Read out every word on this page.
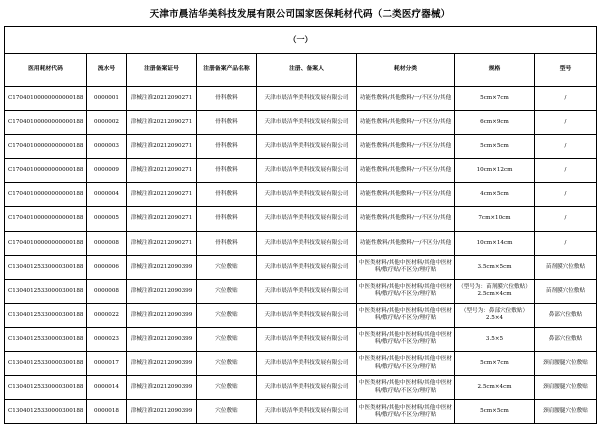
天津市晨洁华美科技发展有限公司国家医保耗材代码（二类医疗器械）
（一）							
医用耗材代码	流水号	注册备案证号	注册备案产品名称	注册、备案人	耗材分类	规格	型号
C17040100000000000188	0000001	津械注准20212090271	骨科敷料	天津市晨洁华美科技发展有限公司	功能性敷料/其他敷料/一/不区分/其他	5cm×7cm	/
C17040100000000000188	0000002	津械注准20212090271	骨科敷料	天津市晨洁华美科技发展有限公司	功能性敷料/其他敷料/一/不区分/其他	6cm×9cm	/
C17040100000000000188	0000003	津械注准20212090271	骨科敷料	天津市晨洁华美科技发展有限公司	功能性敷料/其他敷料/一/不区分/其他	5cm×5cm	/
C17040100000000000188	0000009	津械注准20212090271	骨科敷料	天津市晨洁华美科技发展有限公司	功能性敷料/其他敷料/一/不区分/其他	10cm×12cm	/
C17040100000000000188	0000004	津械注准20212090271	骨科敷料	天津市晨洁华美科技发展有限公司	功能性敷料/其他敷料/一/不区分/其他	4cm×5cm	/
C17040100000000000188	0000005	津械注准20212090271	骨科敷料	天津市晨洁华美科技发展有限公司	功能性敷料/其他敷料/一/不区分/其他	7cm×10cm	/
C17040100000000000188	0000008	津械注准20212090271	骨科敷料	天津市晨洁华美科技发展有限公司	功能性敷料/其他敷料/一/不区分/其他	10cm×14cm	/
C13040125330000300188	0000006	津械注准20212090399	穴位敷贴	天津市晨洁华美科技发展有限公司	中医类材料/其他中医材料/其他中医材料/敷疗贴/不区分/理疗贴	3.5cm×5cm	苗剂膜穴位敷贴
C13040125330000300188	0000008	津械注准20212090399	穴位敷贴	天津市晨洁华美科技发展有限公司	中医类材料/其他中医材料/其他中医材料/敷疗贴/不区分/理疗贴	（型号为：苗剂膜穴位敷贴）2.5cm×4cm	苗剂膜穴位敷贴
C13040125330000300188	0000022	津械注准20212090399	穴位敷贴	天津市晨洁华美科技发展有限公司	中医类材料/其他中医材料/其他中医材料/敷疗贴/不区分/理疗贴	（型号为：鼻部穴位敷贴）2.5×4	鼻部穴位敷贴
C13040125330000300188	0000023	津械注准20212090399	穴位敷贴	天津市晨洁华美科技发展有限公司	中医类材料/其他中医材料/其他中医材料/敷疗贴/不区分/理疗贴	3.5×5	鼻部穴位敷贴
C13040125330000300188	0000017	津械注准20212090399	穴位敷贴	天津市晨洁华美科技发展有限公司	中医类材料/其他中医材料/其他中医材料/敷疗贴/不区分/理疗贴	5cm×7cm	颈肩腰腿穴位敷贴
C13040125330000300188	0000014	津械注准20212090399	穴位敷贴	天津市晨洁华美科技发展有限公司	中医类材料/其他中医材料/其他中医材料/敷疗贴/不区分/理疗贴	2.5cm×4cm	颈肩腰腿穴位敷贴
C13040125330000300188	0000018	津械注准20212090399	穴位敷贴	天津市晨洁华美科技发展有限公司	中医类材料/其他中医材料/其他中医材料/敷疗贴/不区分/理疗贴	5cm×5cm	颈肩腰腿穴位敷贴
